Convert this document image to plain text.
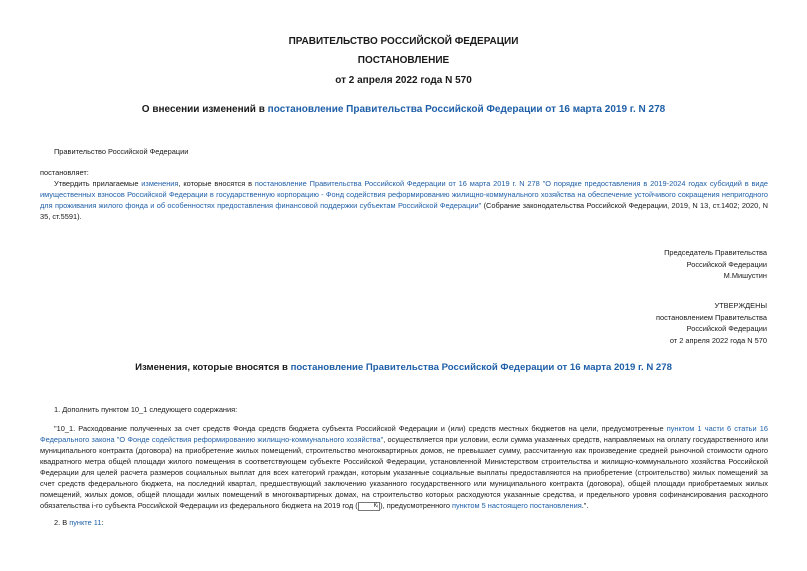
ПРАВИТЕЛЬСТВО РОССИЙСКОЙ ФЕДЕРАЦИИ
ПОСТАНОВЛЕНИЕ
от 2 апреля 2022 года N 570
О внесении изменений в постановление Правительства Российской Федерации от 16 марта 2019 г. N 278
Правительство Российской Федерации
постановляет:
Утвердить прилагаемые изменения, которые вносятся в постановление Правительства Российской Федерации от 16 марта 2019 г. N 278 "О порядке предоставления в 2019-2024 годах субсидий в виде имущественных взносов Российской Федерации в государственную корпорацию - Фонд содействия реформированию жилищно-коммунального хозяйства на обеспечение устойчивого сокращения непригодного для проживания жилого фонда и об особенностях предоставления финансовой поддержки субъектам Российской Федерации" (Собрание законодательства Российской Федерации, 2019, N 13, ст.1402; 2020, N 35, ст.5591).
Председатель Правительства
Российской Федерации
М.Мишустин
УТВЕРЖДЕНЫ
постановлением Правительства
Российской Федерации
от 2 апреля 2022 года N 570
Изменения, которые вносятся в постановление Правительства Российской Федерации от 16 марта 2019 г. N 278
1. Дополнить пунктом 10_1 следующего содержания:
"10_1. Расходование полученных за счет средств Фонда средств бюджета субъекта Российской Федерации и (или) средств местных бюджетов на цели, предусмотренные пунктом 1 части 6 статьи 16 Федерального закона "О Фонде содействия реформированию жилищно-коммунального хозяйства", осуществляется при условии, если сумма указанных средств, направляемых на оплату государственного или муниципального контракта (договора) на приобретение жилых помещений, строительство многоквартирных домов, не превышает сумму, рассчитанную как произведение средней рыночной стоимости одного квадратного метра общей площади жилого помещения в соответствующем субъекте Российской Федерации, установленной Министерством строительства и жилищно-коммунального хозяйства Российской Федерации для целей расчета размеров социальных выплат для всех категорий граждан, которым указанные социальные выплаты предоставляются на приобретение (строительство) жилых помещений за счет средств федерального бюджета, на последний квартал, предшествующий заключению указанного государственного или муниципального контракта (договора), общей площади приобретаемых жилых помещений, жилых домов, общей площади жилых помещений в многоквартирных домах, на строительство которых расходуются указанные средства, и предельного уровня софинансирования расходного обязательства i-го субъекта Российской Федерации из федерального бюджета на 2019 год (	Кᵢ ), предусмотренного пунктом 5 настоящего постановления.".
2. В пункте 11:
